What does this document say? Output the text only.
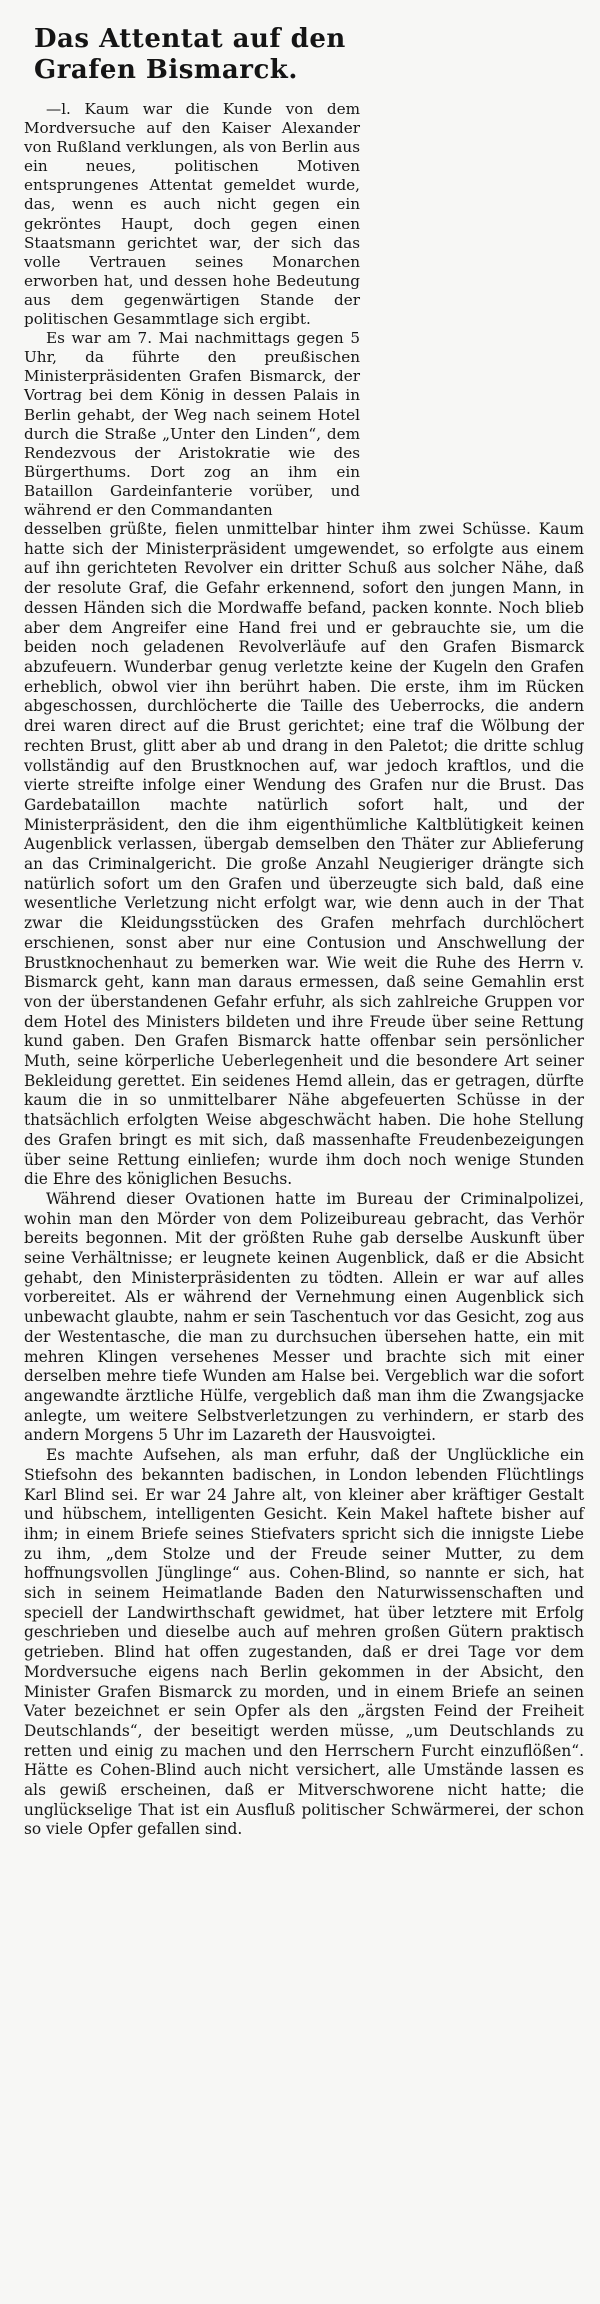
Das Attentat auf den Grafen Bismarck.

—l. Kaum war die Kunde von dem Mordversuche auf den Kaiser Alexander von Rußland verklungen, als von Berlin aus ein neues, politischen Motiven entsprungenes Attentat gemeldet wurde, das, wenn es auch nicht gegen ein gekröntes Haupt, doch gegen einen Staatsmann gerichtet war, der sich das volle Vertrauen seines Monarchen erworben hat, und dessen hohe Bedeutung aus dem gegenwärtigen Stande der politischen Gesammtlage sich ergibt.

Es war am 7. Mai nachmittags gegen 5 Uhr, da führte den preußischen Ministerpräsidenten Grafen Bismarck, der Vortrag bei dem König in dessen Palais in Berlin gehabt, der Weg nach seinem Hotel durch die Straße „Unter den Linden“, dem Rendezvous der Aristokratie wie des Bürgerthums. Dort zog an ihm ein Bataillon Gardeinfanterie vorüber, und während er den Commandanten

desselben grüßte, fielen unmittelbar hinter ihm zwei Schüsse. Kaum hatte sich der Ministerpräsident umgewendet, so erfolgte aus einem auf ihn gerichteten Revolver ein dritter Schuß aus solcher Nähe, daß der resolute Graf, die Gefahr erkennend, sofort den jungen Mann, in dessen Händen sich die Mordwaffe befand, packen konnte. Noch blieb aber dem Angreifer eine Hand frei und er gebrauchte sie, um die beiden noch geladenen Revolverläufe auf den Grafen Bismarck abzufeuern. Wunderbar genug verletzte keine der Kugeln den Grafen erheblich, obwol vier ihn berührt haben. Die erste, ihm im Rücken abgeschossen, durchlöcherte die Taille des Ueberrocks, die andern drei waren direct auf die Brust gerichtet; eine traf die Wölbung der rechten Brust, glitt aber ab und drang in den Paletot; die dritte schlug vollständig auf den Brustknochen auf, war jedoch kraftlos, und die vierte streifte infolge einer Wendung des Grafen nur die Brust. Das Gardebataillon machte natürlich sofort halt, und der Ministerpräsident, den die ihm eigenthümliche Kaltblütigkeit keinen Augenblick verlassen, übergab demselben den Thäter zur Ablieferung an das Criminalgericht. Die große Anzahl Neugieriger drängte sich natürlich sofort um den Grafen und überzeugte sich bald, daß eine wesentliche Verletzung nicht erfolgt war, wie denn auch in der That zwar die Kleidungsstücken des Grafen mehrfach durchlöchert erschienen, sonst aber nur eine Contusion und Anschwellung der Brustknochenhaut zu bemerken war. Wie weit die Ruhe des Herrn v. Bismarck geht, kann man daraus ermessen, daß seine Gemahlin erst von der überstandenen Gefahr erfuhr, als sich zahlreiche Gruppen vor dem Hotel des Ministers bildeten und ihre Freude über seine Rettung kund gaben. Den Grafen Bismarck hatte offenbar sein persönlicher Muth, seine körperliche Ueberlegenheit und die besondere Art seiner Bekleidung gerettet. Ein seidenes Hemd allein, das er getragen, dürfte kaum die in so unmittelbarer Nähe abgefeuerten Schüsse in der thatsächlich erfolgten Weise abgeschwächt haben. Die hohe Stellung des Grafen bringt es mit sich, daß massenhafte Freudenbezeigungen über seine Rettung einliefen; wurde ihm doch noch wenige Stunden die Ehre des königlichen Besuchs.

Während dieser Ovationen hatte im Bureau der Criminalpolizei, wohin man den Mörder von dem Polizeibureau gebracht, das Verhör bereits begonnen. Mit der größten Ruhe gab derselbe Auskunft über seine Verhältnisse; er leugnete keinen Augenblick, daß er die Absicht gehabt, den Ministerpräsidenten zu tödten. Allein er war auf alles vorbereitet. Als er während der Vernehmung einen Augenblick sich unbewacht glaubte, nahm er sein Taschentuch vor das Gesicht, zog aus der Westentasche, die man zu durchsuchen übersehen hatte, ein mit mehren Klingen versehenes Messer und brachte sich mit einer derselben mehre tiefe Wunden am Halse bei. Vergeblich war die sofort angewandte ärztliche Hülfe, vergeblich daß man ihm die Zwangsjacke anlegte, um weitere Selbstverletzungen zu verhindern, er starb des andern Morgens 5 Uhr im Lazareth der Hausvoigtei.

Es machte Aufsehen, als man erfuhr, daß der Unglückliche ein Stiefsohn des bekannten badischen, in London lebenden Flüchtlings Karl Blind sei. Er war 24 Jahre alt, von kleiner aber kräftiger Gestalt und hübschem, intelligenten Gesicht. Kein Makel haftete bisher auf ihm; in einem Briefe seines Stiefvaters spricht sich die innigste Liebe zu ihm, „dem Stolze und der Freude seiner Mutter, zu dem hoffnungsvollen Jünglinge“ aus. Cohen-Blind, so nannte er sich, hat sich in seinem Heimatlande Baden den Naturwissenschaften und speciell der Landwirthschaft gewidmet, hat über letztere mit Erfolg geschrieben und dieselbe auch auf mehren großen Gütern praktisch getrieben. Blind hat offen zugestanden, daß er drei Tage vor dem Mordversuche eigens nach Berlin gekommen in der Absicht, den Minister Grafen Bismarck zu morden, und in einem Briefe an seinen Vater bezeichnet er sein Opfer als den „ärgsten Feind der Freiheit Deutschlands“, der beseitigt werden müsse, „um Deutschlands zu retten und einig zu machen und den Herrschern Furcht einzuflößen“. Hätte es Cohen-Blind auch nicht versichert, alle Umstände lassen es als gewiß erscheinen, daß er Mitverschworene nicht hatte; die unglückselige That ist ein Ausfluß politischer Schwärmerei, der schon so viele Opfer gefallen sind.
